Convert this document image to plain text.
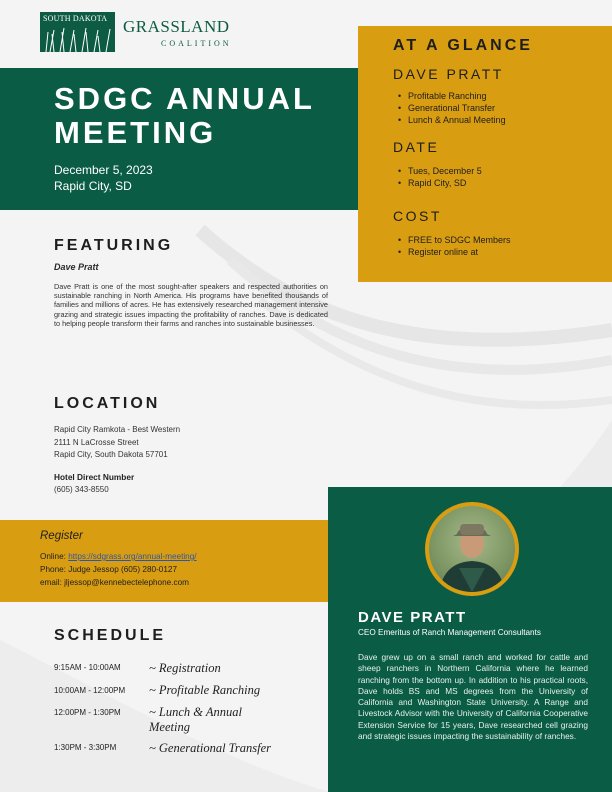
SOUTH DAKOTA GRASSLAND
COALITION
SDGC ANNUAL MEETING
December 5, 2023
Rapid City, SD
AT A GLANCE
DAVE PRATT
• Profitable Ranching
• Generational Transfer
• Lunch & Annual Meeting
DATE
• Tues, December 5
• Rapid City, SD
COST
• FREE to SDGC Members
• Register online at
FEATURING
Dave Pratt
Dave Pratt is one of the most sought-after speakers and respected authorities on sustainable ranching in North America. His programs have benefited thousands of families and millions of acres. He has extensively researched management intensive grazing and strategic issues impacting the profitability of ranches. Dave is dedicated to helping people transform their farms and ranches into sustainable businesses.
LOCATION
Rapid City Ramkota - Best Western
2111 N LaCrosse Street
Rapid City, South Dakota 57701
Hotel Direct Number
(605) 343-8550
Register
Online: https://sdgrass.org/annual-meeting/
Phone: Judge Jessop (605) 280-0127
email: jljessop@kennebectelephone.com
SCHEDULE
9:15AM - 10:00AM ~ Registration
10:00AM - 12:00PM ~ Profitable Ranching
12:00PM - 1:30PM ~ Lunch & Annual Meeting
1:30PM - 3:30PM	~ Generational Transfer
DAVE PRATT
CEO Emeritus of Ranch Management Consultants
Dave grew up on a small ranch and worked for cattle and sheep ranchers in Northern California where he learned ranching from the bottom up. In addition to his practical roots, Dave holds BS and MS degrees from the University of California and Washington State University. A Range and Livestock Advisor with the University of California Cooperative Extension Service for 15 years, Dave researched cell grazing and strategic issues impacting the sustainability of ranches.
